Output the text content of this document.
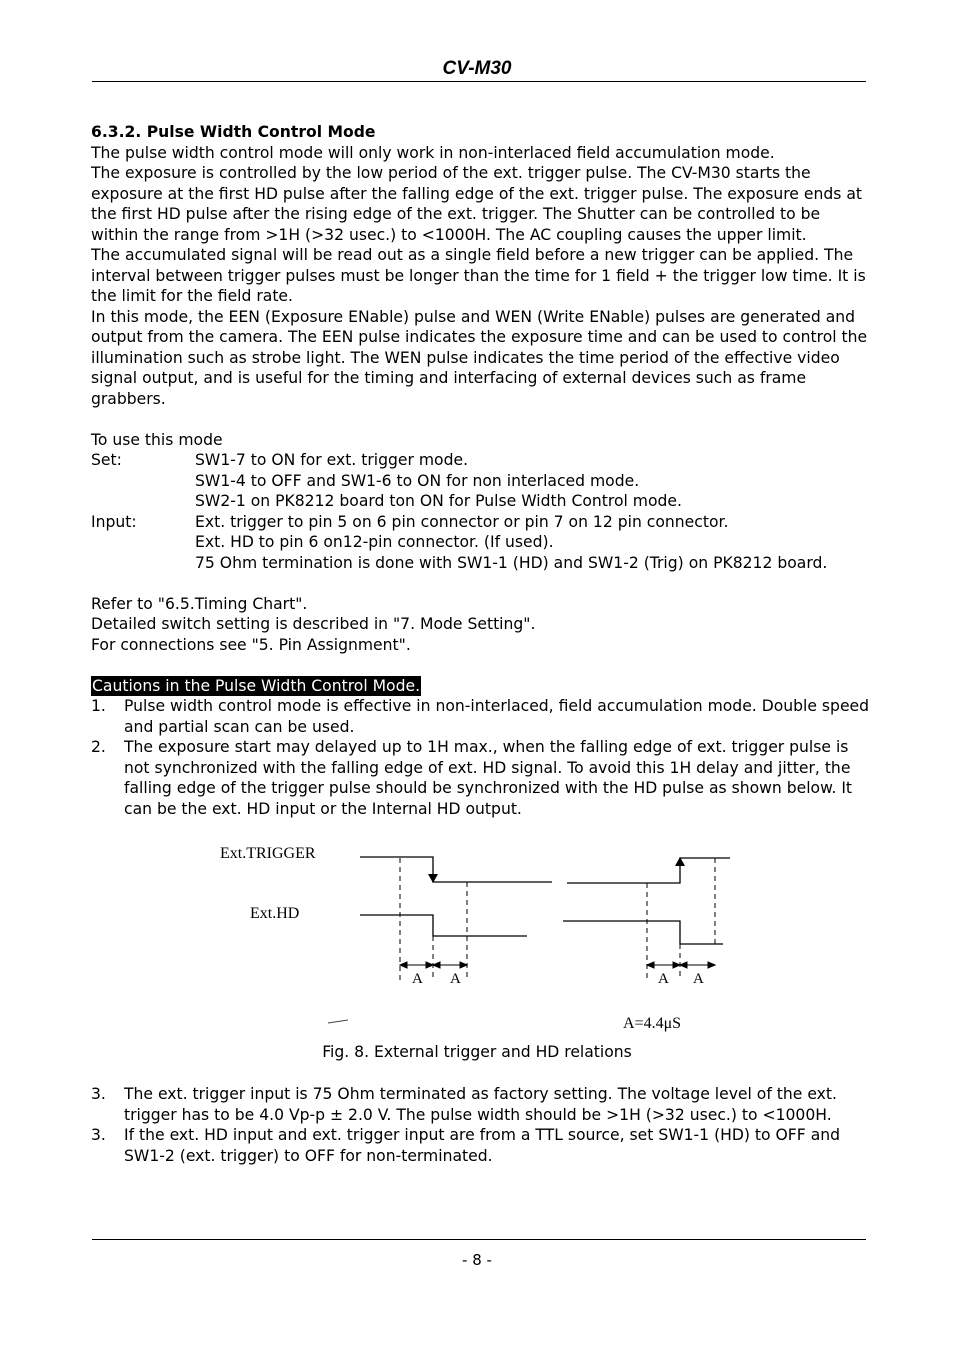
CV-M30

6.3.2. Pulse Width Control Mode

The pulse width control mode will only work in non-interlaced field accumulation mode.

The exposure is controlled by the low period of the ext. trigger pulse. The CV-M30 starts the exposure at the first HD pulse after the falling edge of the ext. trigger pulse. The exposure ends at the first HD pulse after the rising edge of the ext. trigger. The Shutter can be controlled to be within the range from >1H (>32 usec.) to <1000H. The AC coupling causes the upper limit.

The accumulated signal will be read out as a single field before a new trigger can be applied. The interval between trigger pulses must be longer than the time for 1 field + the trigger low time. It is the limit for the field rate.

In this mode, the EEN (Exposure ENable) pulse and WEN (Write ENable) pulses are generated and output from the camera. The EEN pulse indicates the exposure time and can be used to control the illumination such as strobe light. The WEN pulse indicates the time period of the effective video signal output, and is useful for the timing and interfacing of external devices such as frame grabbers.

To use this mode

Set:	SW1-7 to ON for ext. trigger mode.

SW1-4 to OFF and SW1-6 to ON for non interlaced mode.

SW2-1 on PK8212 board ton ON for Pulse Width Control mode.

Input:	Ext. trigger to pin 5 on 6 pin connector or pin 7 on 12 pin connector.

Ext. HD to pin 6 on12-pin connector. (If used).

75 Ohm termination is done with SW1-1 (HD) and SW1-2 (Trig) on PK8212 board.

Refer to "6.5.Timing Chart".

Detailed switch setting is described in "7. Mode Setting".

For connections see "5. Pin Assignment".

Cautions in the Pulse Width Control Mode.

1.	Pulse width control mode is effective in non-interlaced, field accumulation mode. Double speed and partial scan can be used.
2.	The exposure start may delayed up to 1H max., when the falling edge of ext. trigger pulse is not synchronized with the falling edge of ext. HD signal. To avoid this 1H delay and jitter, the falling edge of the trigger pulse should be synchronized with the HD pulse as shown below. It can be the ext. HD input or the Internal HD output.
Ext.TRIGGER
Ext.HD
A A	A A
A=4.4μS
Fig. 8. External trigger and HD relations
3.	The ext. trigger input is 75 Ohm terminated as factory setting. The voltage level of the ext. trigger has to be 4.0 Vp-p ± 2.0 V. The pulse width should be >1H (>32 usec.) to <1000H.
3.	If the ext. HD input and ext. trigger input are from a TTL source, set SW1-1 (HD) to OFF and SW1-2 (ext. trigger) to OFF for non-terminated.
- 8 -
